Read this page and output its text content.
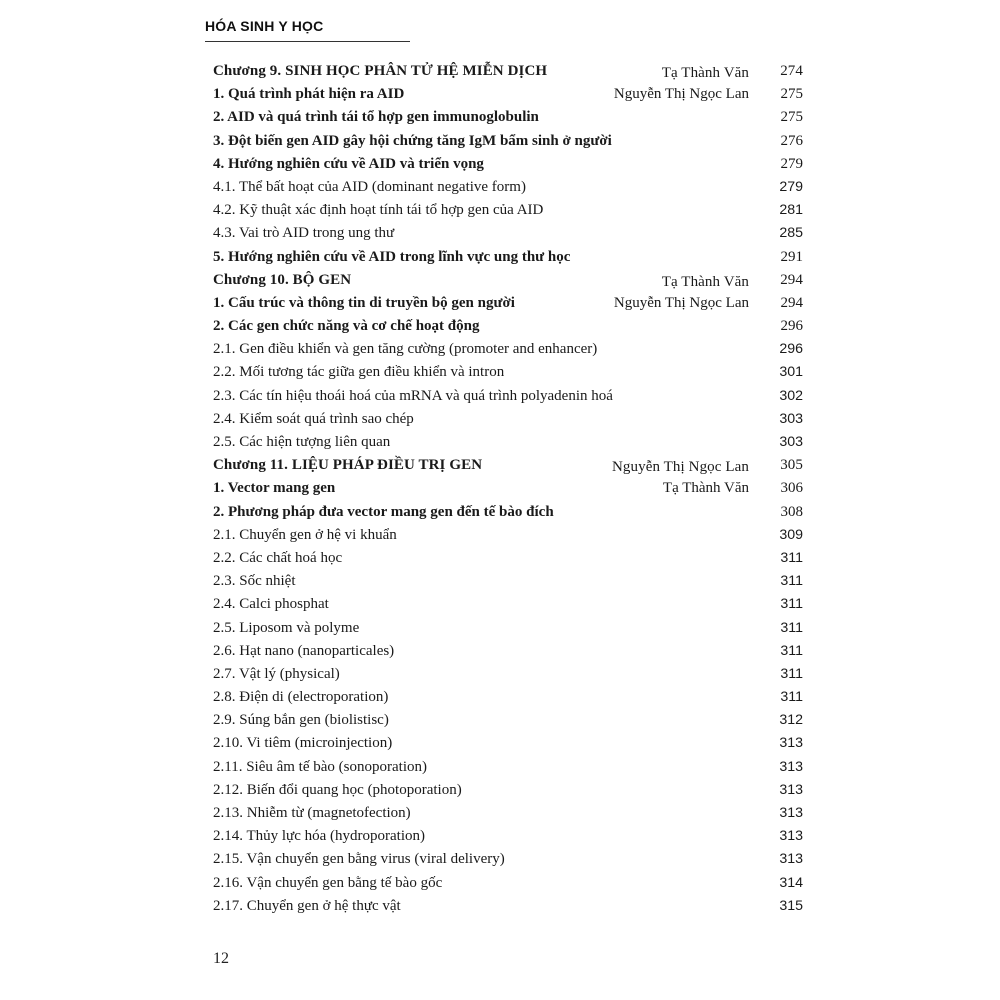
HÓA SINH Y HỌC
Chương 9. SINH HỌC PHÂN TỬ HỆ MIỄN DỊCH	Tạ Thành Văn 274
1. Quá trình phát hiện ra AID	Nguyễn Thị Ngọc Lan 275
2. AID và quá trình tái tổ hợp gen immunoglobulin	275
3. Đột biến gen AID gây hội chứng tăng IgM bẩm sinh ở người	276
4. Hướng nghiên cứu về AID và triển vọng	279
4.1. Thể bất hoạt của AID (dominant negative form)	279
4.2. Kỹ thuật xác định hoạt tính tái tổ hợp gen của AID	281
4.3. Vai trò AID trong ung thư	285
5. Hướng nghiên cứu về AID trong lĩnh vực ung thư học	291
Chương 10. BỘ GEN	Tạ Thành Văn 294
1. Cấu trúc và thông tin di truyền bộ gen người	Nguyễn Thị Ngọc Lan 294
2. Các gen chức năng và cơ chế hoạt động	296
2.1. Gen điều khiển và gen tăng cường (promoter and enhancer)	296
2.2. Mối tương tác giữa gen điều khiển và intron	301
2.3. Các tín hiệu thoái hoá của mRNA và quá trình polyadenin hoá	302
2.4. Kiểm soát quá trình sao chép	303
2.5. Các hiện tượng liên quan	303
Chương 11. LIỆU PHÁP ĐIỀU TRỊ GEN	Nguyễn Thị Ngọc Lan 305
1. Vector mang gen	Tạ Thành Văn 306
2. Phương pháp đưa vector mang gen đến tế bào đích	308
2.1. Chuyển gen ở hệ vi khuẩn	309
2.2. Các chất hoá học	311
2.3. Sốc nhiệt	311
2.4. Calci phosphat	311
2.5. Liposom và polyme	311
2.6. Hạt nano (nanoparticales)	311
2.7. Vật lý (physical)	311
2.8. Điện di (electroporation)	311
2.9. Súng bắn gen (biolistisc)	312
2.10. Vi tiêm (microinjection)	313
2.11. Siêu âm tế bào (sonoporation)	313
2.12. Biến đổi quang học (photoporation)	313
2.13. Nhiễm từ (magnetofection)	313
2.14. Thủy lực hóa (hydroporation)	313
2.15. Vận chuyển gen bằng virus (viral delivery)	313
2.16. Vận chuyển gen bằng tế bào gốc	314
2.17. Chuyển gen ở hệ thực vật	315
12
